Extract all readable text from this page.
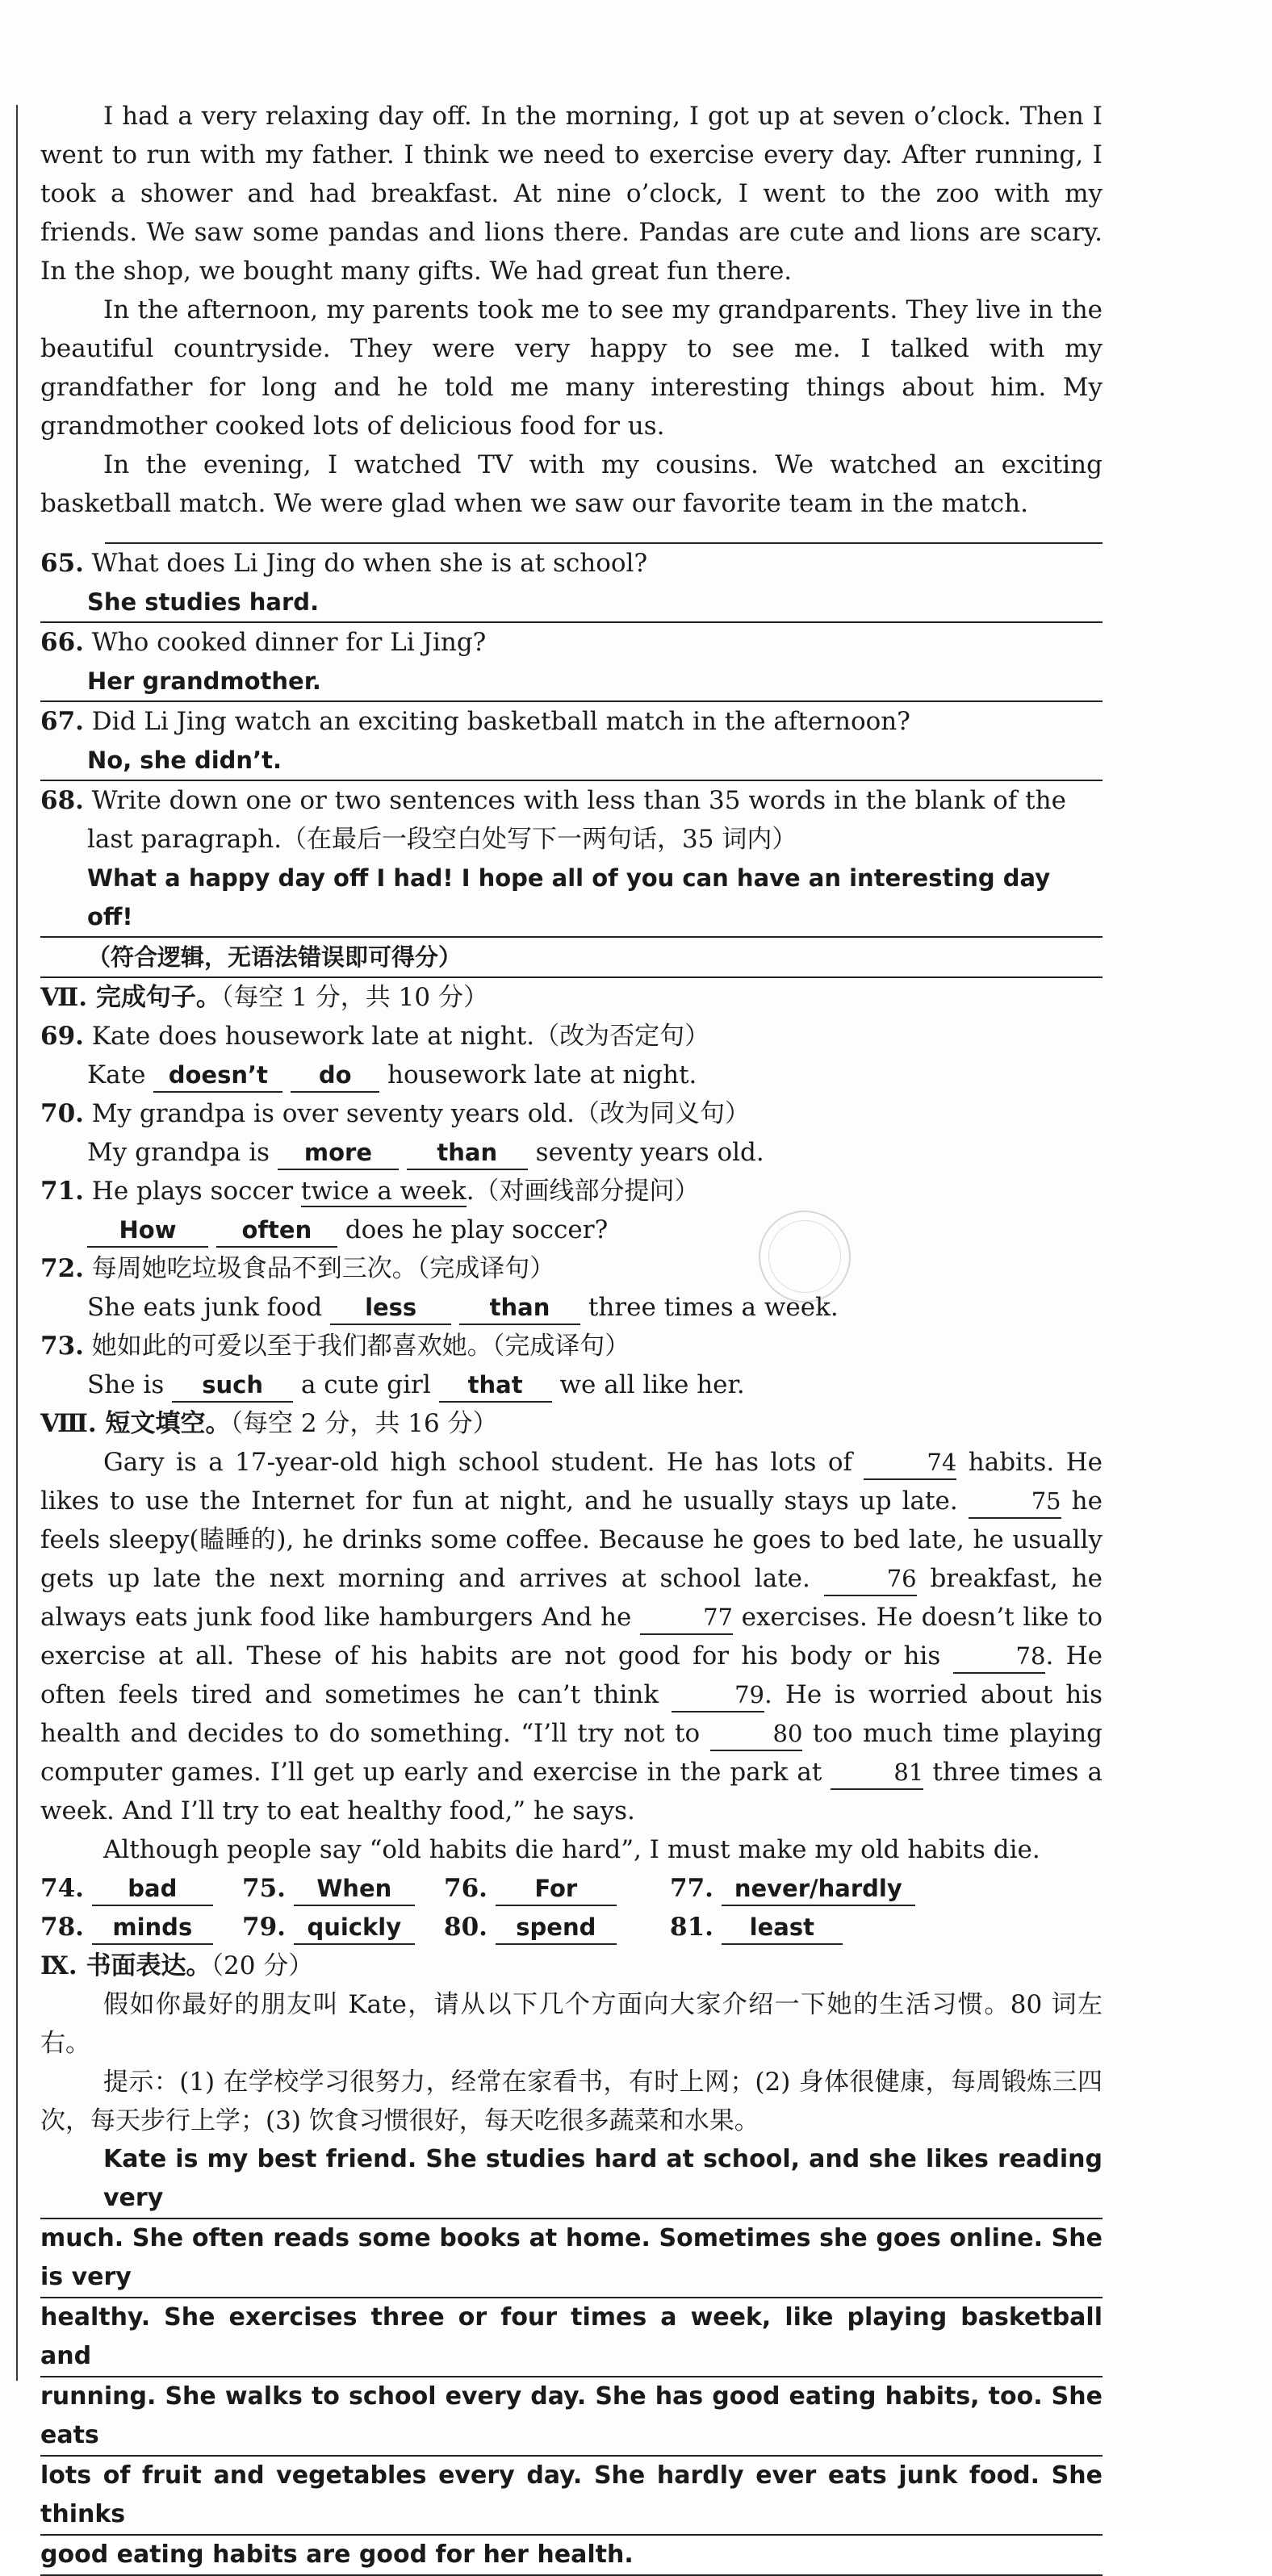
I had a very relaxing day off. In the morning, I got up at seven o’clock. Then I went to run with my father. I think we need to exercise every day. After running, I took a shower and had breakfast. At nine o’clock, I went to the zoo with my friends. We saw some pandas and lions there. Pandas are cute and lions are scary. In the shop, we bought many gifts. We had great fun there.

In the afternoon, my parents took me to see my grandparents. They live in the beautiful countryside. They were very happy to see me. I talked with my grandfather for long and he told me many interesting things about him. My grandmother cooked lots of delicious food for us.

In the evening, I watched TV with my cousins. We watched an exciting basketball match. We were glad when we saw our favorite team in the match.

65. What does Li Jing do when she is at school?

She studies hard.

66. Who cooked dinner for Li Jing?

Her grandmother.

67. Did Li Jing watch an exciting basketball match in the afternoon?

No, she didn’t.

68. Write down one or two sentences with less than 35 words in the blank of the last paragraph.（在最后一段空白处写下一两句话，35 词内）

What a happy day off I had! I hope all of you can have an interesting day off!
（符合逻辑，无语法错误即可得分）

Ⅶ. 完成句子。（每空 1 分，共 10 分）

69. Kate does housework late at night.（改为否定句）

Kate doesn’t do housework late at night.

70. My grandpa is over seventy years old.（改为同义句）

My grandpa is more	than seventy years old.

71. He plays soccer twice a week.（对画线部分提问）

How	often does he play soccer?

72. 每周她吃垃圾食品不到三次。（完成译句）

She eats junk food less	than three times a week.

73. 她如此的可爱以至于我们都喜欢她。（完成译句）

She is such a cute girl that we all like her.

Ⅷ. 短文填空。（每空 2 分，共 16 分）

Gary is a 17-year-old high school student. He has lots of	74 habits. He likes to use the Internet for fun at night, and he usually stays up late.	75 he feels sleepy(瞌睡的), he drinks some coffee. Because he goes to bed late, he usually gets up late the next morning and arrives at school late.	76 breakfast, he always eats junk food like hamburgers And he	77 exercises. He doesn’t like to exercise at all. These of his habits are not good for his body or his	78. He often feels tired and sometimes he can’t think	79. He is worried about his health and decides to do something. “I’ll try not to	80 too much time playing computer games. I’ll get up early and exercise in the park at	81 three times a week. And I’ll try to eat healthy food,” he says.

Although people say “old habits die hard”, I must make my old habits die.

74. bad	75. When	76. For	77. never/hardly
78. minds	79. quickly	80. spend	81. least

Ⅸ. 书面表达。（20 分）

假如你最好的朋友叫 Kate，请从以下几个方面向大家介绍一下她的生活习惯。80 词左右。

提示：(1) 在学校学习很努力，经常在家看书，有时上网；(2) 身体很健康，每周锻炼三四次，每天步行上学；(3) 饮食习惯很好，每天吃很多蔬菜和水果。

Kate is my best friend. She studies hard at school, and she likes reading very
much. She often reads some books at home. Sometimes she goes online. She is very
healthy. She exercises three or four times a week, like playing basketball and
running. She walks to school every day. She has good eating habits, too. She eats
lots of fruit and vegetables every day. She hardly ever eats junk food. She thinks
good eating habits are good for her health.
